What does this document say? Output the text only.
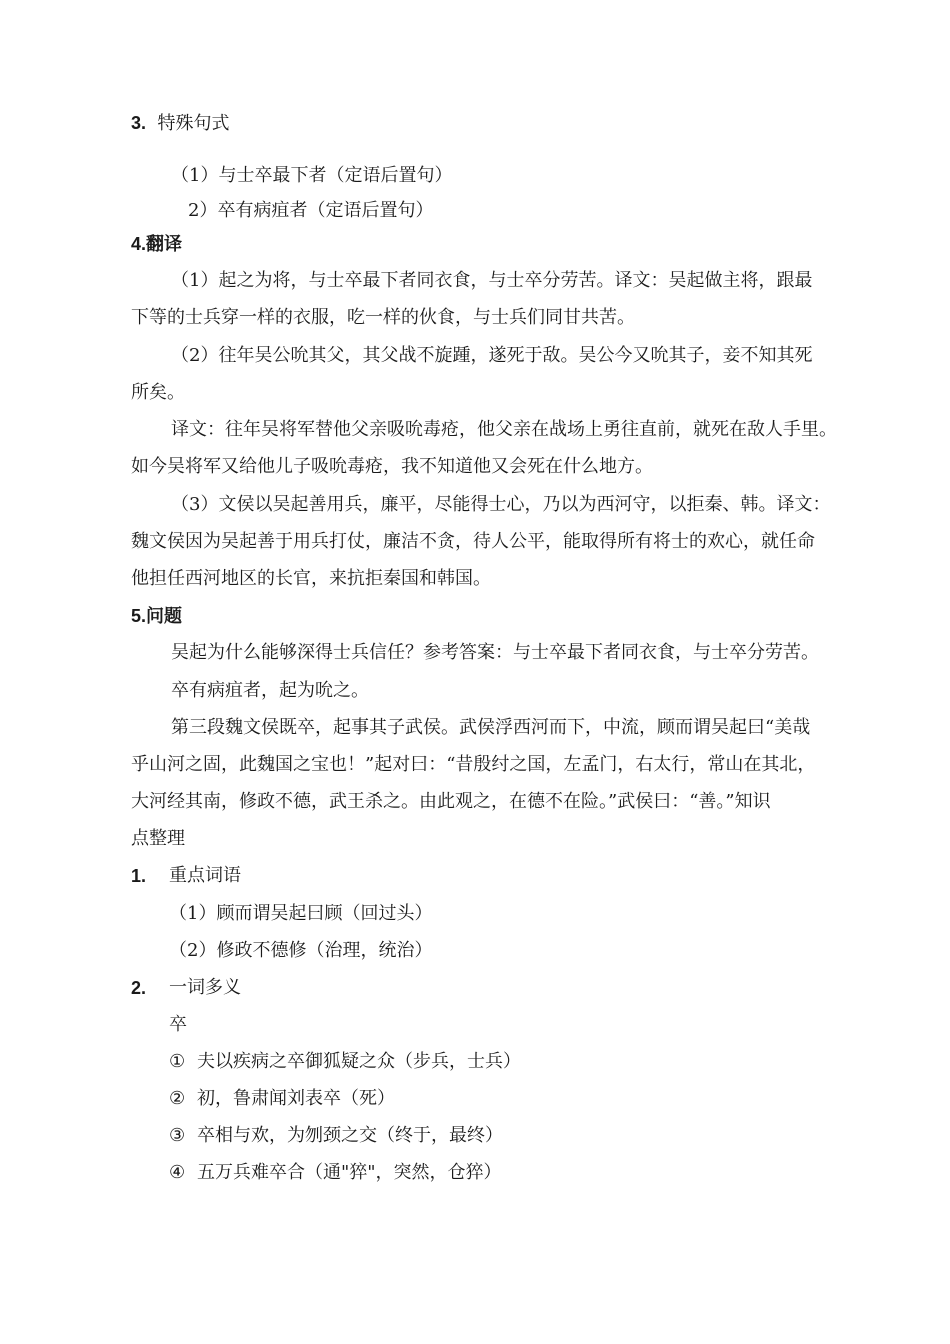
3. 特殊句式
（1）与士卒最下者（定语后置句）
2）卒有病疽者（定语后置句）
4.翻译
（1）起之为将，与士卒最下者同衣食，与士卒分劳苦。译文：吴起做主将，跟最
下等的士兵穿一样的衣服，吃一样的伙食，与士兵们同甘共苦。
（2）往年吴公吮其父，其父战不旋踵，遂死于敌。吴公今又吮其子，妾不知其死
所矣。
译文：往年吴将军替他父亲吸吮毒疮，他父亲在战场上勇往直前，就死在敌人手里。
如今吴将军又给他儿子吸吮毒疮，我不知道他又会死在什么地方。
（3）文侯以吴起善用兵，廉平，尽能得士心，乃以为西河守，以拒秦、韩。译文：
魏文侯因为吴起善于用兵打仗，廉洁不贪，待人公平，能取得所有将士的欢心，就任命
他担任西河地区的长官，来抗拒秦国和韩国。
5.问题
吴起为什么能够深得士兵信任？参考答案：与士卒最下者同衣食，与士卒分劳苦。
卒有病疽者，起为吮之。
第三段魏文侯既卒，起事其子武侯。武侯浮西河而下，中流，顾而谓吴起曰“美哉
乎山河之固，此魏国之宝也！”起对曰：“昔殷纣之国，左孟门，右太行，常山在其北，
大河经其南，修政不德，武王杀之。由此观之，在德不在险。”武侯曰：“善。”知识
点整理
1. 重点词语
（1）顾而谓吴起曰顾（回过头）
（2）修政不德修（治理，统治）
2. 一词多义
卒
① 夫以疾病之卒御狐疑之众（步兵，士兵）
② 初，鲁肃闻刘表卒（死）
③ 卒相与欢，为刎颈之交（终于，最终）
④ 五万兵难卒合（通"猝"，突然，仓猝）
